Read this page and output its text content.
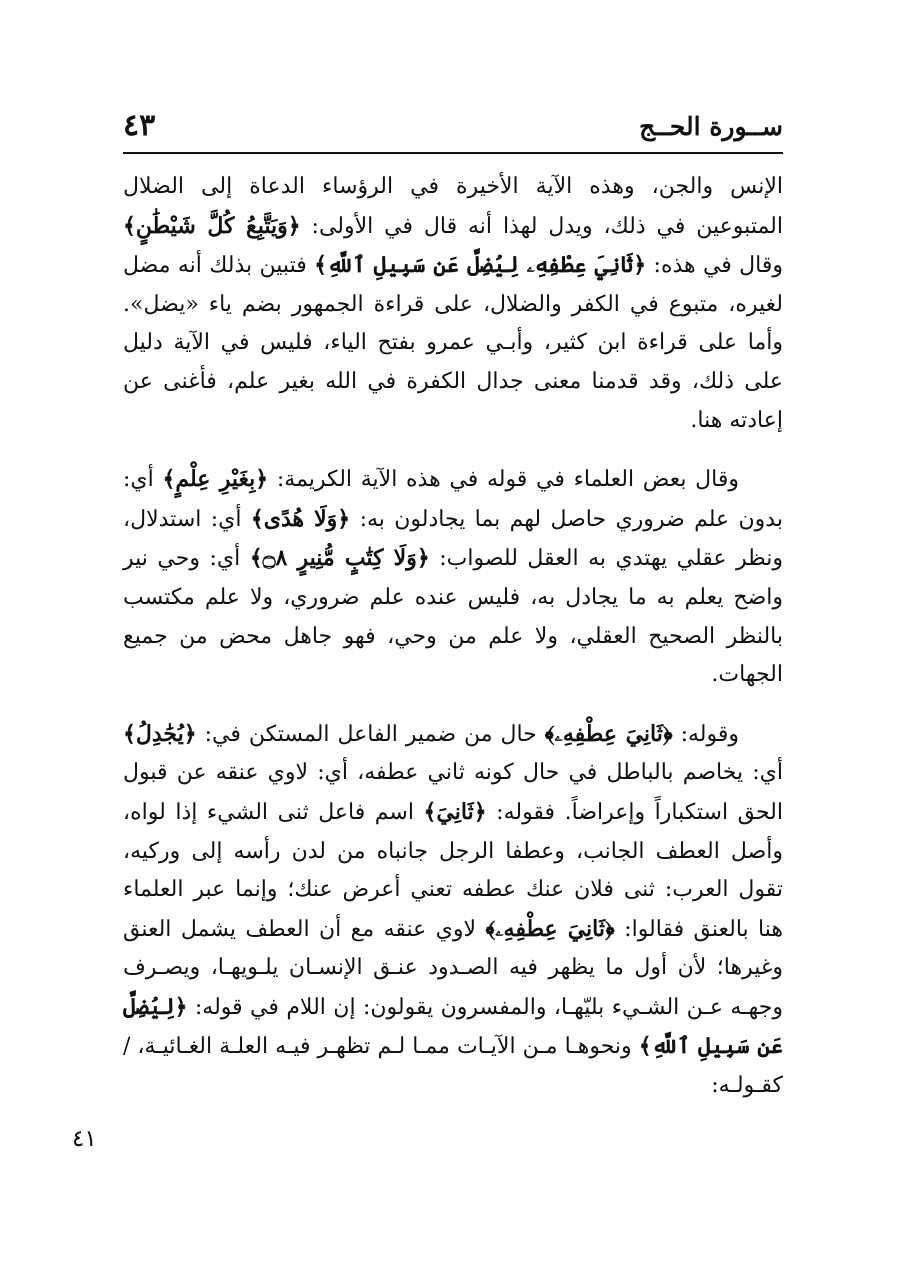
ســورة الحــج
٤٣

الإنس والجن، وهذه الآية الأخيرة في الرؤساء الدعاة إلى الضلال المتبوعين في ذلك، ويدل لهذا أنه قال في الأولى: ﴿وَيَتَّبِعُ كُلَّ شَيْطَٰنٍ﴾ وقال في هذه: ﴿ثَانِيَ عِطْفِهِۦ لِيُضِلَّ عَن سَبِيلِ ٱللَّهِ﴾ فتبين بذلك أنه مضل لغيره، متبوع في الكفر والضلال، على قراءة الجمهور بضم ياء «يضل». وأما على قراءة ابن كثير، وأبـي عمرو بفتح الياء، فليس في الآية دليل على ذلك، وقد قدمنا معنى جدال الكفرة في الله بغير علم، فأغنى عن إعادته هنا.

وقال بعض العلماء في قوله في هذه الآية الكريمة: ﴿بِغَيْرِ عِلْمٍ﴾ أي: بدون علم ضروري حاصل لهم بما يجادلون به: ﴿وَلَا هُدًى﴾ أي: استدلال، ونظر عقلي يهتدي به العقل للصواب: ﴿وَلَا كِتَٰبٍ مُّنِيرٍ ۝٨﴾ أي: وحي نير واضح يعلم به ما يجادل به، فليس عنده علم ضروري، ولا علم مكتسب بالنظر الصحيح العقلي، ولا علم من وحي، فهو جاهل محض من جميع الجهات.

وقوله: ﴿ثَانِيَ عِطْفِهِۦ﴾ حال من ضمير الفاعل المستكن في: ﴿يُجَٰدِلُ﴾ أي: يخاصم بالباطل في حال كونه ثاني عطفه، أي: لاوي عنقه عن قبول الحق استكباراً وإعراضاً. فقوله: ﴿ثَانِيَ﴾ اسم فاعل ثنى الشيء إذا لواه، وأصل العطف الجانب، وعطفا الرجل جانباه من لدن رأسه إلى وركيه، تقول العرب: ثنى فلان عنك عطفه تعني أعرض عنك؛ وإنما عبر العلماء هنا بالعنق فقالوا: ﴿ثَانِيَ عِطْفِهِۦ﴾ لاوي عنقه مع أن العطف يشمل العنق وغيرها؛ لأن أول ما يظهر فيه الصـدود عنـق الإنسـان يلـويهـا، ويصـرف وجهـه عـن الشـيء بليّهـا، والمفسرون يقولون: إن اللام في قوله: ﴿لِيُضِلَّ عَن سَبِيلِ ٱللَّهِ﴾ ونحوهـا مـن الآيـات ممـا لـم تظهـر فيـه العلـة الغـائيـة، /كقـولـه:

٤١
